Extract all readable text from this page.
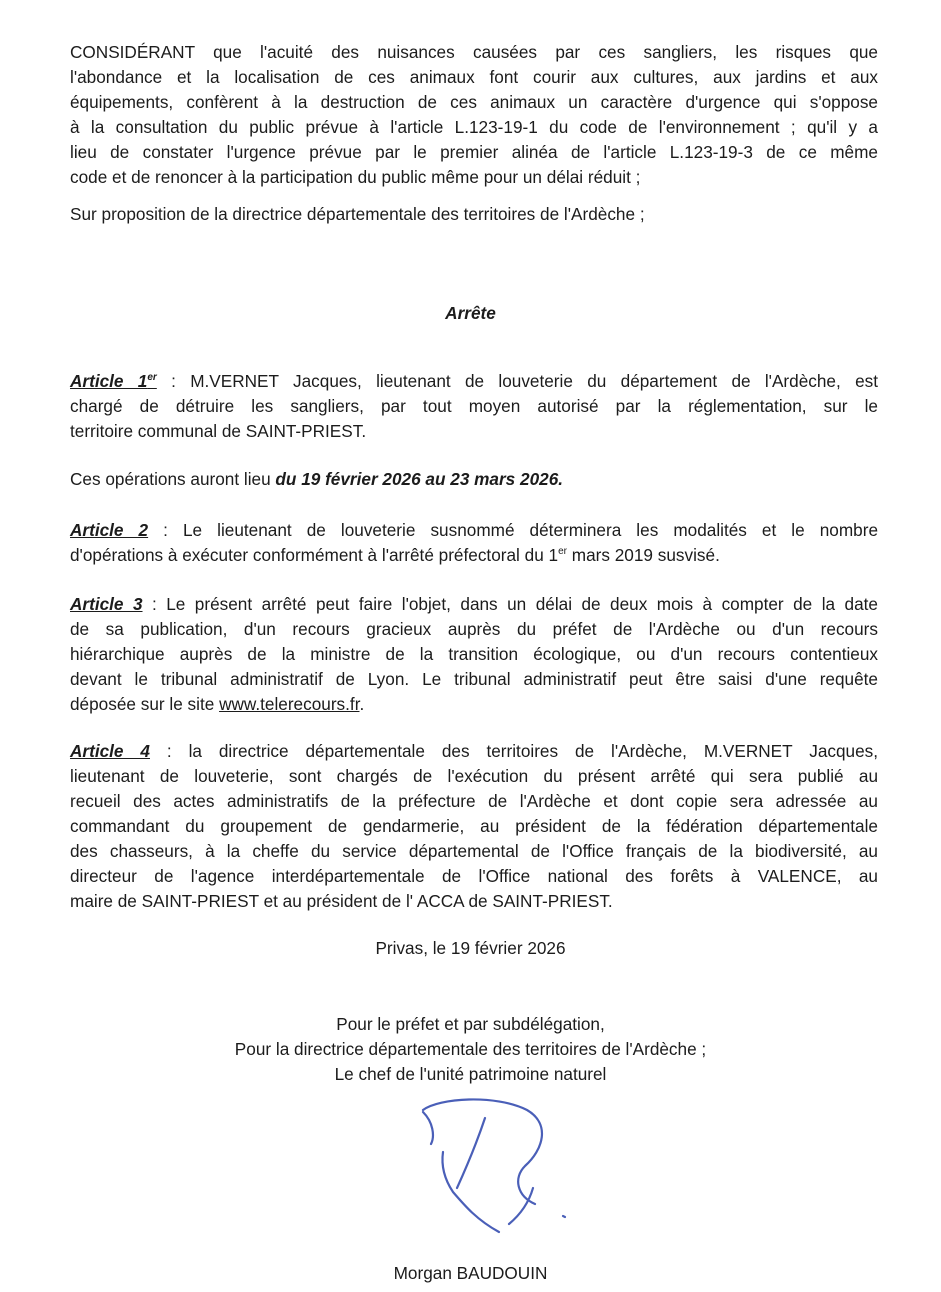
CONSIDÉRANT que l'acuité des nuisances causées par ces sangliers, les risques que
l'abondance et la localisation de ces animaux font courir aux cultures, aux jardins et aux
équipements, confèrent à la destruction de ces animaux un caractère d'urgence qui s'oppose
à la consultation du public prévue à l'article L.123-19-1 du code de l'environnement ; qu'il y a
lieu de constater l'urgence prévue par le premier alinéa de l'article L.123-19-3 de ce même
code et de renoncer à la participation du public même pour un délai réduit ;
Sur proposition de la directrice départementale des territoires de l'Ardèche ;
Arrête
Article 1er : M.VERNET Jacques, lieutenant de louveterie du département de l'Ardèche, est
chargé de détruire les sangliers, par tout moyen autorisé par la réglementation, sur le
territoire communal de SAINT-PRIEST.
Ces opérations auront lieu du 19 février 2026 au 23 mars 2026.
Article 2 : Le lieutenant de louveterie susnommé déterminera les modalités et le nombre
d'opérations à exécuter conformément à l'arrêté préfectoral du 1er mars 2019 susvisé.
Article 3 : Le présent arrêté peut faire l'objet, dans un délai de deux mois à compter de la date
de sa publication, d'un recours gracieux auprès du préfet de l'Ardèche ou d'un recours
hiérarchique auprès de la ministre de la transition écologique, ou d'un recours contentieux
devant le tribunal administratif de Lyon. Le tribunal administratif peut être saisi d'une requête
déposée sur le site www.telerecours.fr.
Article 4 : la directrice départementale des territoires de l'Ardèche, M.VERNET Jacques,
lieutenant de louveterie, sont chargés de l'exécution du présent arrêté qui sera publié au
recueil des actes administratifs de la préfecture de l'Ardèche et dont copie sera adressée au
commandant du groupement de gendarmerie, au président de la fédération départementale
des chasseurs, à la cheffe du service départemental de l'Office français de la biodiversité, au
directeur de l'agence interdépartementale de l'Office national des forêts à VALENCE, au
maire de SAINT-PRIEST et au président de l' ACCA de SAINT-PRIEST.
Privas, le 19 février 2026
Pour le préfet et par subdélégation,
Pour la directrice départementale des territoires de l'Ardèche ;
Le chef de l'unité patrimoine naturel
Morgan BAUDOUIN
